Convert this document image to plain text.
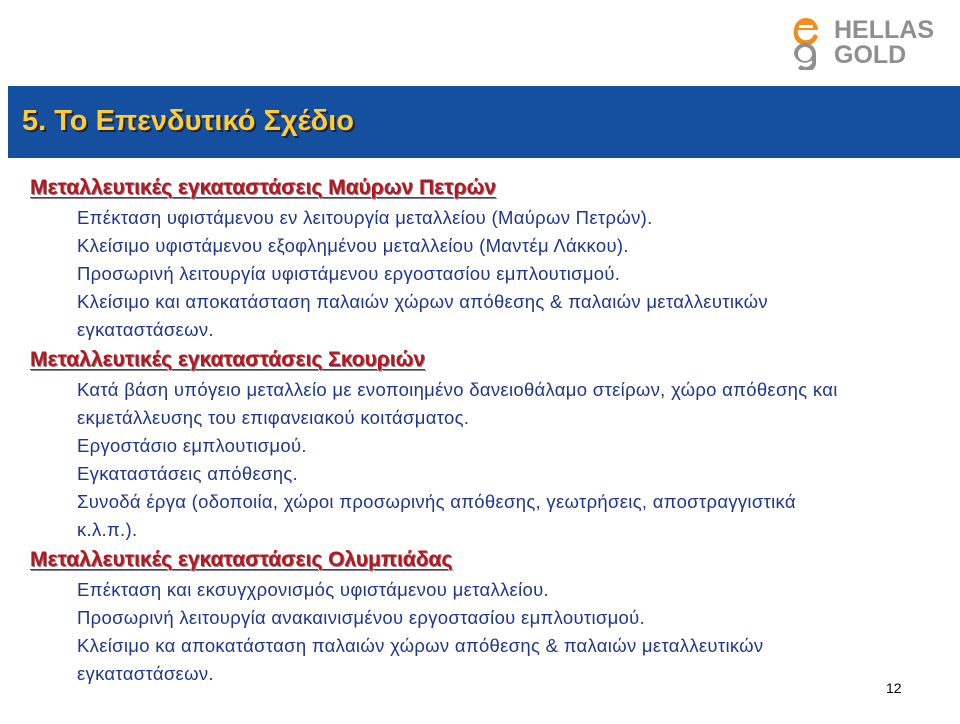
HELLAS
GOLD
5. Το Επενδυτικό Σχέδιο

Μεταλλευτικές εγκαταστάσεις Μαύρων Πετρών

Επέκταση υφιστάμενου εν λειτουργία μεταλλείου (Μαύρων Πετρών).

Κλείσιμο υφιστάμενου εξοφλημένου μεταλλείου (Μαντέμ Λάκκου).

Προσωρινή λειτουργία υφιστάμενου εργοστασίου εμπλουτισμού.

Κλείσιμο και αποκατάσταση παλαιών χώρων απόθεσης & παλαιών μεταλλευτικών εγκαταστάσεων.

Μεταλλευτικές εγκαταστάσεις Σκουριών

Κατά βάση υπόγειο μεταλλείο με ενοποιημένο δανειοθάλαμο στείρων, χώρο απόθεσης και εκμετάλλευσης του επιφανειακού κοιτάσματος.

Εργοστάσιο εμπλουτισμού.

Εγκαταστάσεις απόθεσης.

Συνοδά έργα (οδοποιία, χώροι προσωρινής απόθεσης, γεωτρήσεις, αποστραγγιστικά κ.λ.π.).

Μεταλλευτικές εγκαταστάσεις Ολυμπιάδας

Επέκταση και εκσυγχρονισμός υφιστάμενου μεταλλείου.

Προσωρινή λειτουργία ανακαινισμένου εργοστασίου εμπλουτισμού.

Κλείσιμο κα αποκατάσταση παλαιών χώρων απόθεσης & παλαιών μεταλλευτικών εγκαταστάσεων.

12
